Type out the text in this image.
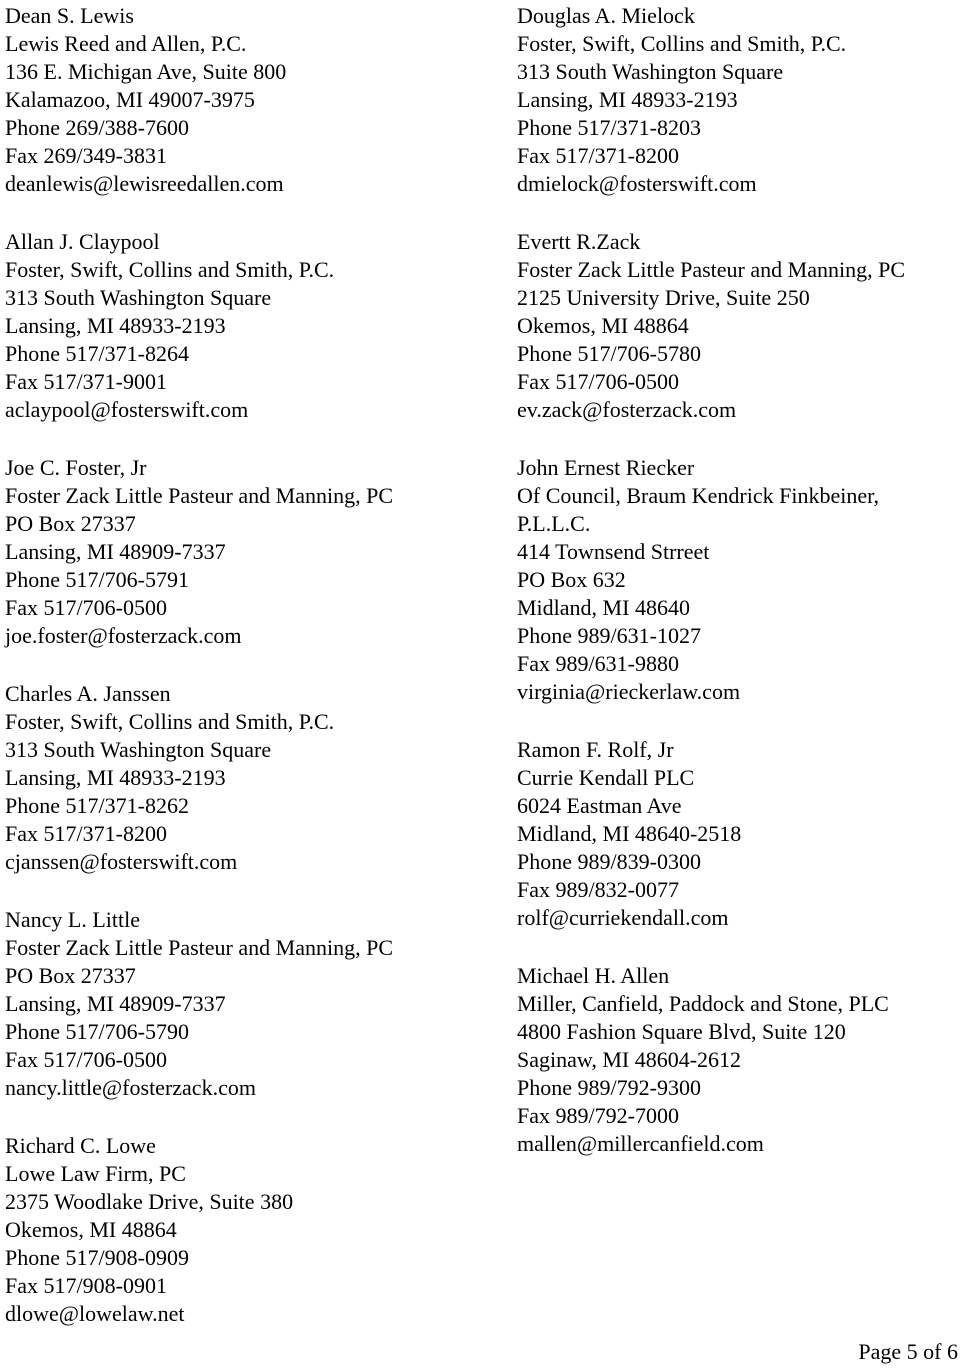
Dean S. Lewis
Lewis Reed and Allen, P.C.
136 E. Michigan Ave, Suite 800
Kalamazoo, MI 49007-3975
Phone 269/388-7600
Fax 269/349-3831
deanlewis@lewisreedallen.com
Allan J. Claypool
Foster, Swift, Collins and Smith, P.C.
313 South Washington Square
Lansing, MI 48933-2193
Phone 517/371-8264
Fax 517/371-9001
aclaypool@fosterswift.com
Joe C. Foster, Jr
Foster Zack Little Pasteur and Manning, PC
PO Box 27337
Lansing, MI 48909-7337
Phone 517/706-5791
Fax 517/706-0500
joe.foster@fosterzack.com
Charles A. Janssen
Foster, Swift, Collins and Smith, P.C.
313 South Washington Square
Lansing, MI 48933-2193
Phone 517/371-8262
Fax 517/371-8200
cjanssen@fosterswift.com
Nancy L. Little
Foster Zack Little Pasteur and Manning, PC
PO Box 27337
Lansing, MI 48909-7337
Phone 517/706-5790
Fax 517/706-0500
nancy.little@fosterzack.com
Richard C. Lowe
Lowe Law Firm, PC
2375 Woodlake Drive, Suite 380
Okemos, MI 48864
Phone 517/908-0909
Fax 517/908-0901
dlowe@lowelaw.net
Douglas A. Mielock
Foster, Swift, Collins and Smith, P.C.
313 South Washington Square
Lansing, MI 48933-2193
Phone 517/371-8203
Fax 517/371-8200
dmielock@fosterswift.com
Evertt R.Zack
Foster Zack Little Pasteur and Manning, PC
2125 University Drive, Suite 250
Okemos, MI 48864
Phone 517/706-5780
Fax 517/706-0500
ev.zack@fosterzack.com
John Ernest Riecker
Of Council, Braum Kendrick Finkbeiner,
P.L.L.C.
414 Townsend Strreet
PO Box 632
Midland, MI 48640
Phone 989/631-1027
Fax 989/631-9880
virginia@rieckerlaw.com
Ramon F. Rolf, Jr
Currie Kendall PLC
6024 Eastman Ave
Midland, MI 48640-2518
Phone 989/839-0300
Fax 989/832-0077
rolf@curriekendall.com
Michael H. Allen
Miller, Canfield, Paddock and Stone, PLC
4800 Fashion Square Blvd, Suite 120
Saginaw, MI 48604-2612
Phone 989/792-9300
Fax 989/792-7000
mallen@millercanfield.com
Page 5 of 6
